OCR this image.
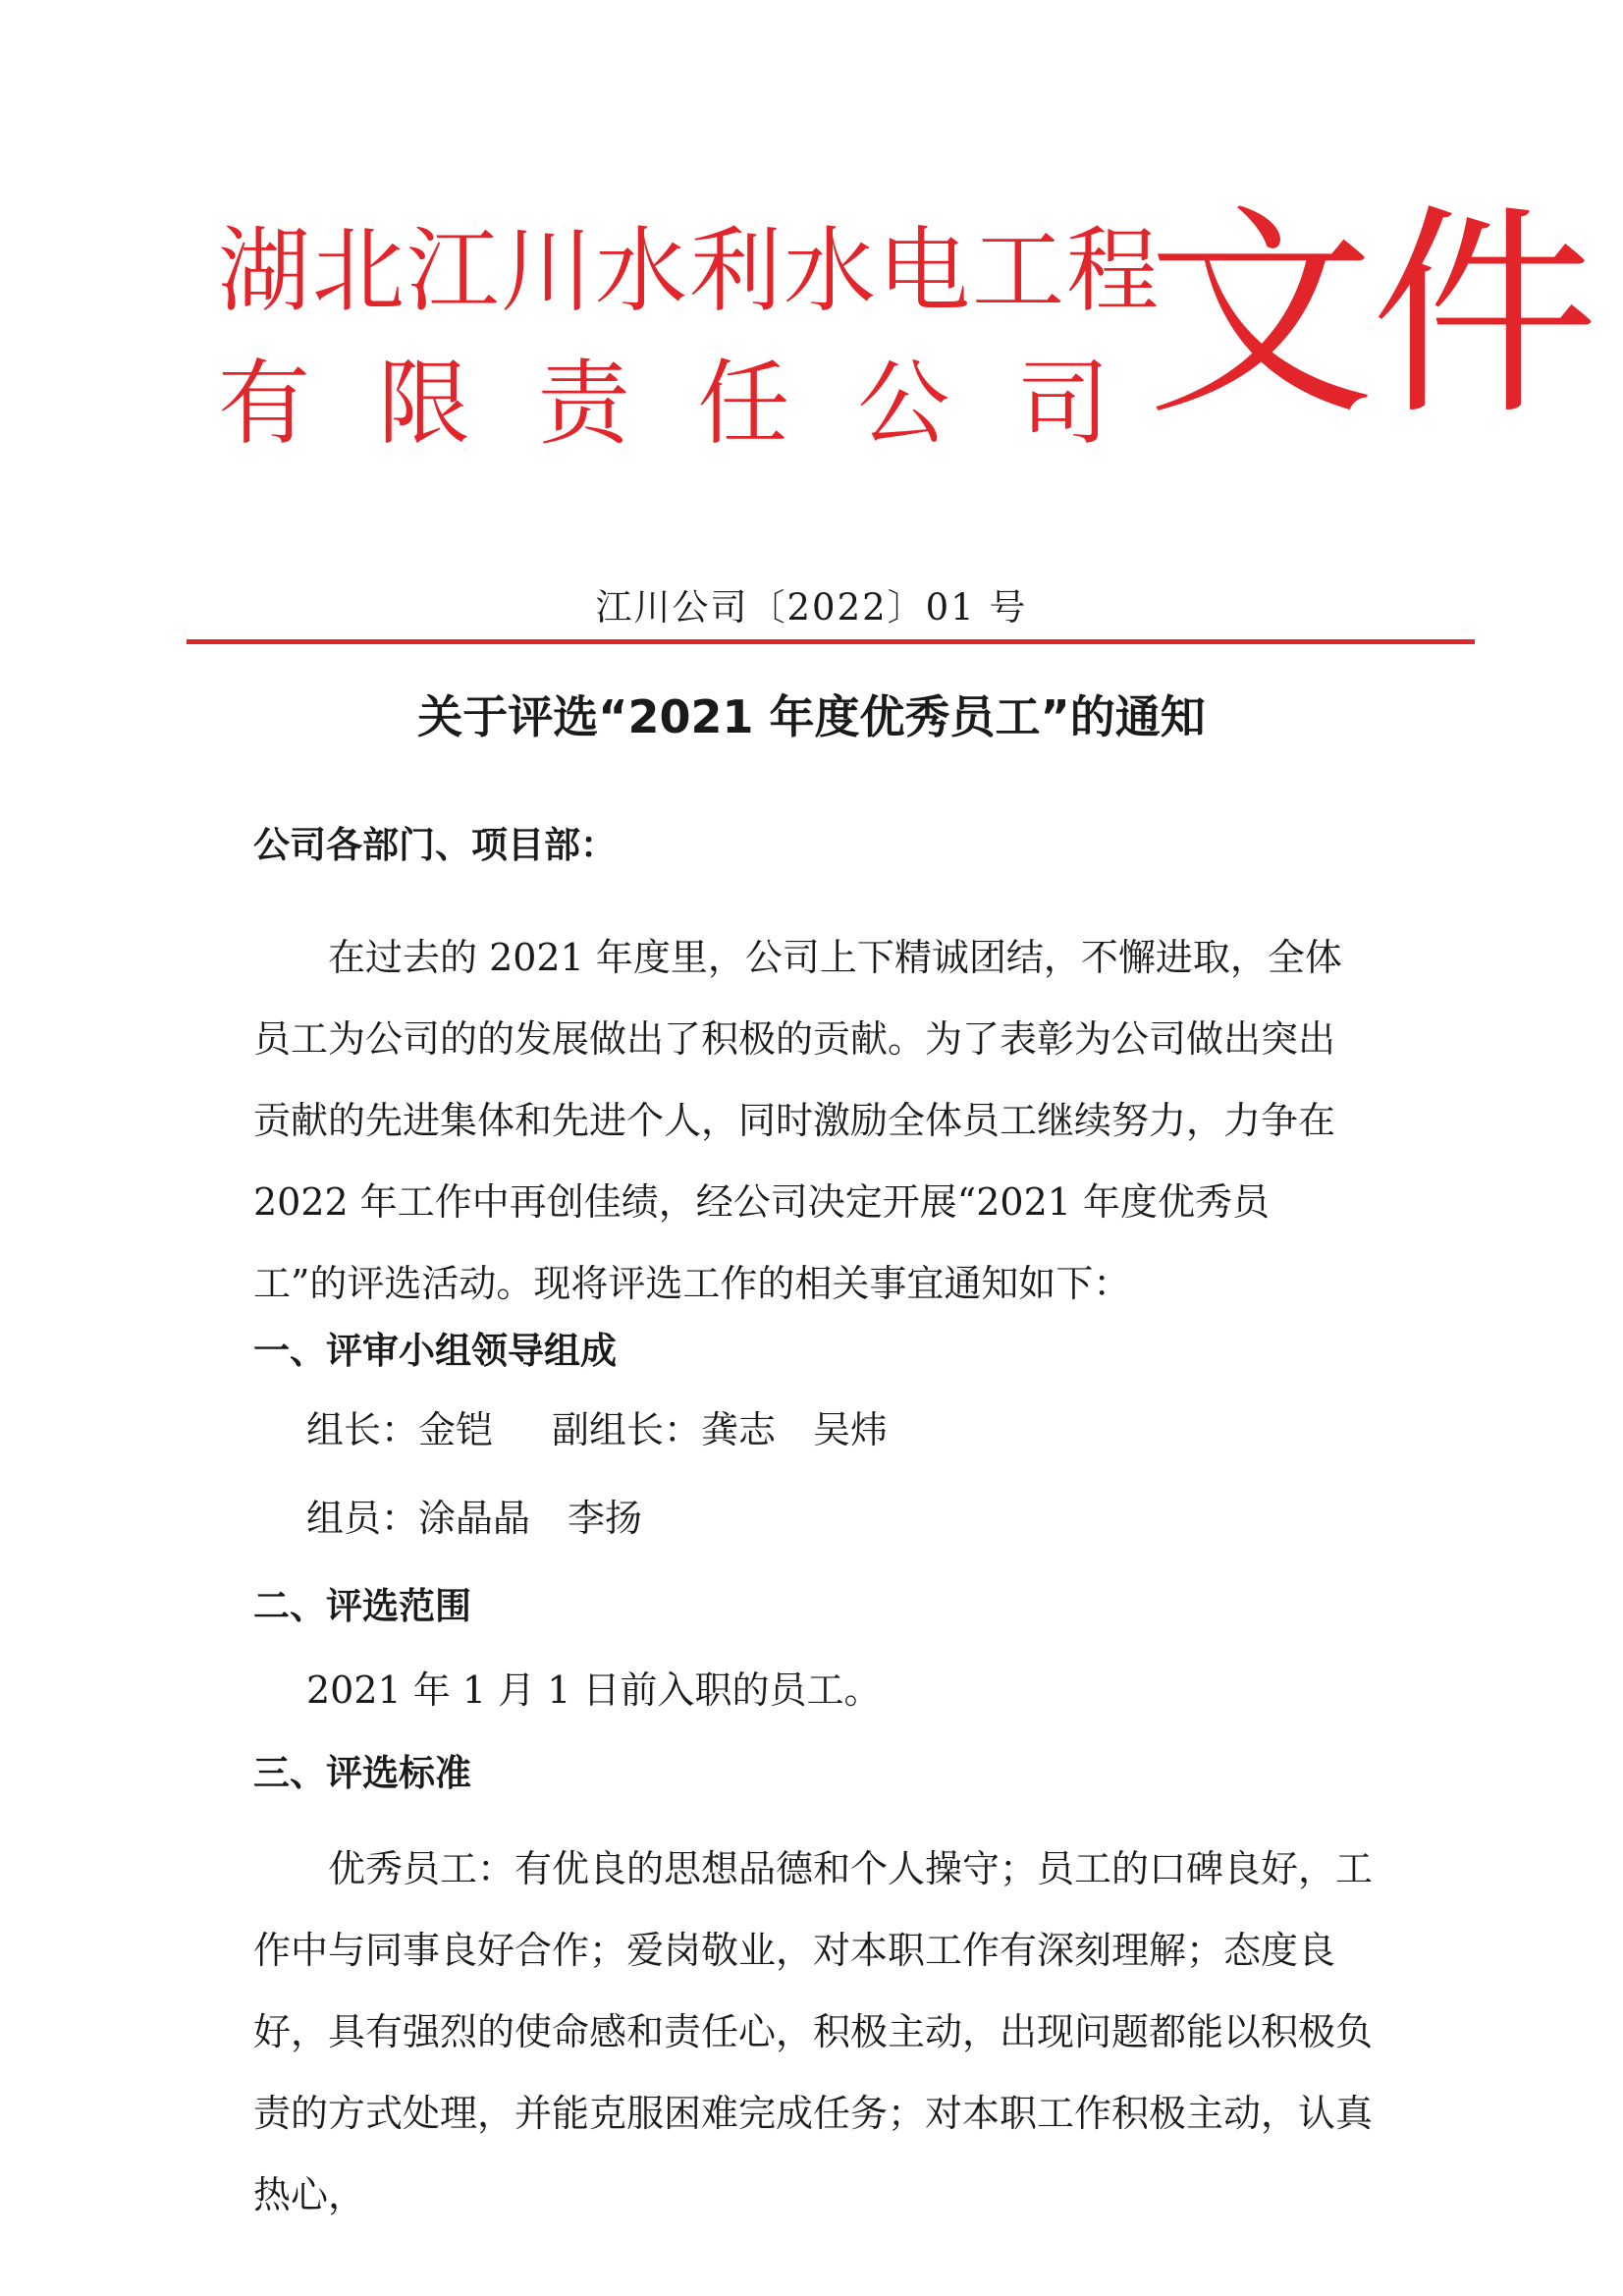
湖北江川水利水电工程
有 限 责 任 公 司 文件
江川公司〔2022〕01 号
关于评选“2021 年度优秀员工”的通知
公司各部门、项目部：
在过去的 2021 年度里，公司上下精诚团结，不懈进取，全体员工为公司的的发展做出了积极的贡献。为了表彰为公司做出突出贡献的先进集体和先进个人，同时激励全体员工继续努力，力争在 2022 年工作中再创佳绩，经公司决定开展“2021 年度优秀员工”的评选活动。现将评选工作的相关事宜通知如下：
一、评审小组领导组成
组长：金铠 副组长：龚志　吴炜
组员：涂晶晶　李扬
二、评选范围
2021 年 1 月 1 日前入职的员工。
三、评选标准
优秀员工：有优良的思想品德和个人操守；员工的口碑良好，工作中与同事良好合作；爱岗敬业，对本职工作有深刻理解；态度良好，具有强烈的使命感和责任心，积极主动，出现问题都能以积极负责的方式处理，并能克服困难完成任务；对本职工作积极主动，认真热心，
